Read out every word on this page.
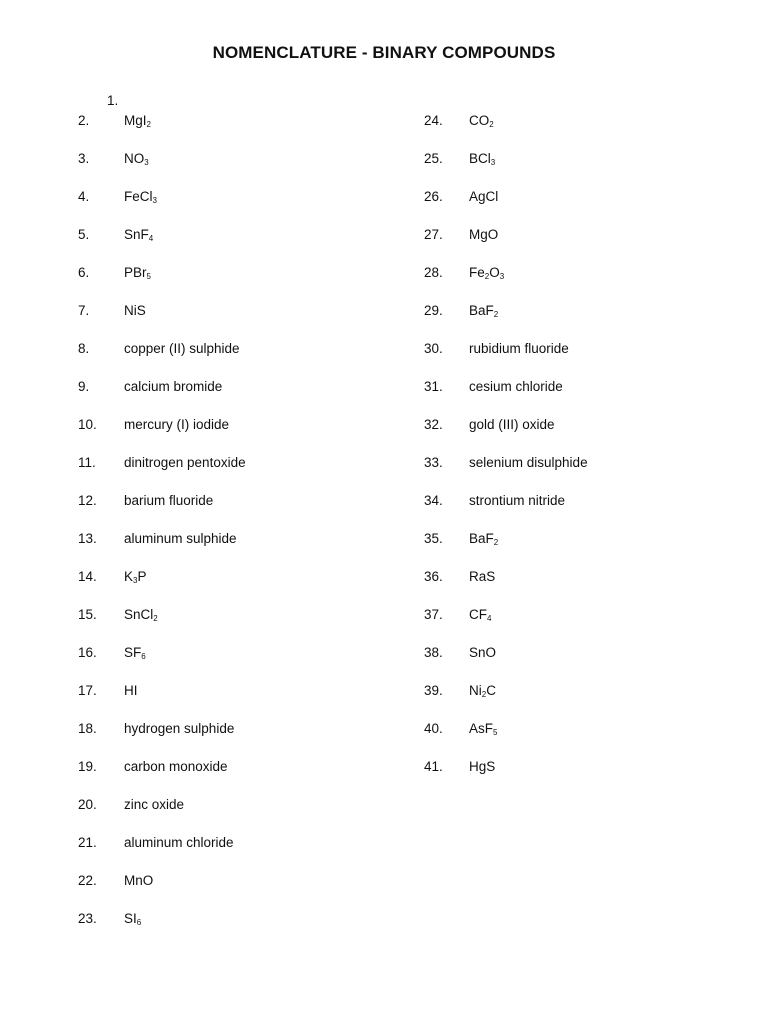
NOMENCLATURE - BINARY COMPOUNDS
1.
2.	MgI$_2$
3.	$NO_3$
4.	FeCl$_3$
5.	SnF$_4$
6.	PBr$_5$
7.	NiS
8.	copper (II) sulphide
9.	calcium bromide
10. mercury (I) iodide
11. dinitrogen pentoxide
12. barium fluoride
13. aluminum sulphide
14. $K_3P$
15. SnCl$_2$
16. $SF_6$
17. HI
18. hydrogen sulphide
19. carbon monoxide
20. zinc oxide
21. aluminum chloride
22. MnO
23. $SI_6$
24. $CO_2$
25. BCl$_3$
26. AgCl
27. MgO
28. $Fe_2O_3$
29. BaF$_2$
30. rubidium fluoride
31. cesium chloride
32. gold (III) oxide
33. selenium disulphide
34. strontium nitride
35. BaF$_2$
36. RaS
37. $CF_4$
38. SnO
39. $Ni_2C$
40. AsF$_5$
41. HgS
